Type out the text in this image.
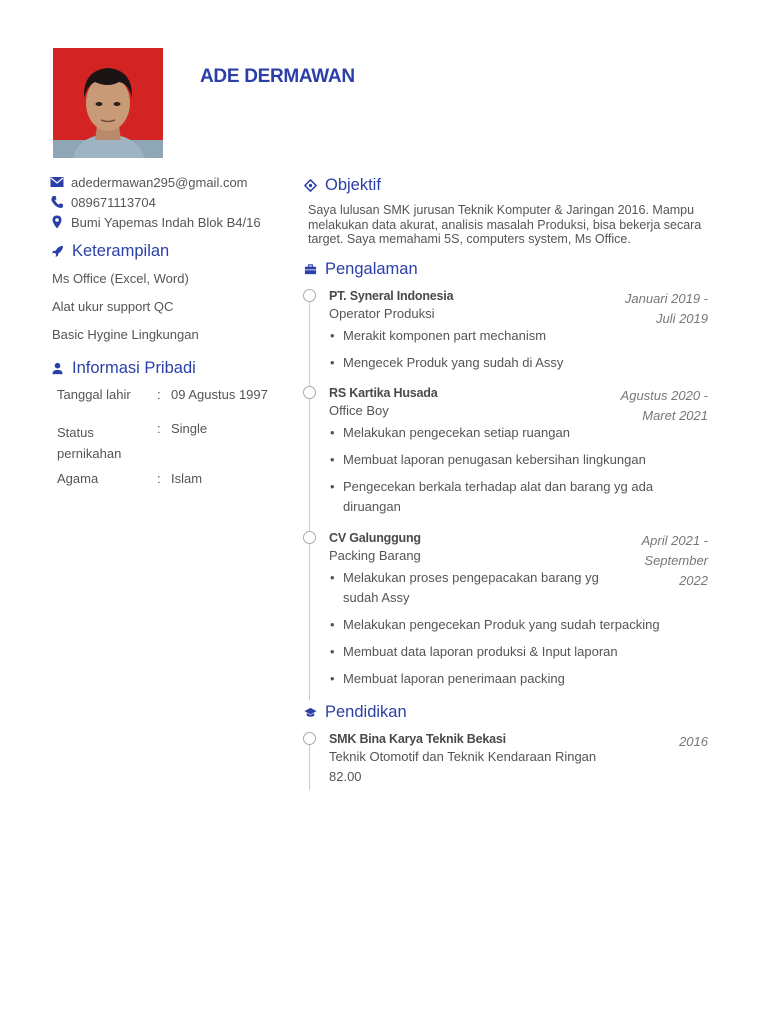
ADE DERMAWAN
adedermawan295@gmail.com
089671113704
Bumi Yapemas Indah Blok B4/16
Keterampilan
Ms Office (Excel, Word)
Alat ukur support QC
Basic Hygine Lingkungan
Informasi Pribadi
Tanggal lahir	: 09 Agustus 1997
Status pernikahan
: Single
Agama	: Islam
Objektif
Saya lulusan SMK jurusan Teknik Komputer & Jaringan 2016. Mampu melakukan data akurat, analisis masalah Produksi, bisa bekerja secara target. Saya memahami 5S, computers system, Ms Office.
Pengalaman
PT. Syneral Indonesia
Operator Produksi
Januari 2019 - Juli 2019
• Merakit komponen part mechanism
• Mengecek Produk yang sudah di Assy
RS Kartika Husada
Office Boy
Agustus 2020 - Maret 2021
• Melakukan pengecekan setiap ruangan
• Membuat laporan penugasan kebersihan lingkungan
• Pengecekan berkala terhadap alat dan barang yg ada diruangan
CV Galunggung
Packing Barang
April 2021 - September 2022
• Melakukan proses pengepacakan barang yg sudah Assy
• Melakukan pengecekan Produk yang sudah terpacking
• Membuat data laporan produksi & Input laporan
• Membuat laporan penerimaan packing
Pendidikan
SMK Bina Karya Teknik Bekasi
Teknik Otomotif dan Teknik Kendaraan Ringan
82.00
2016
